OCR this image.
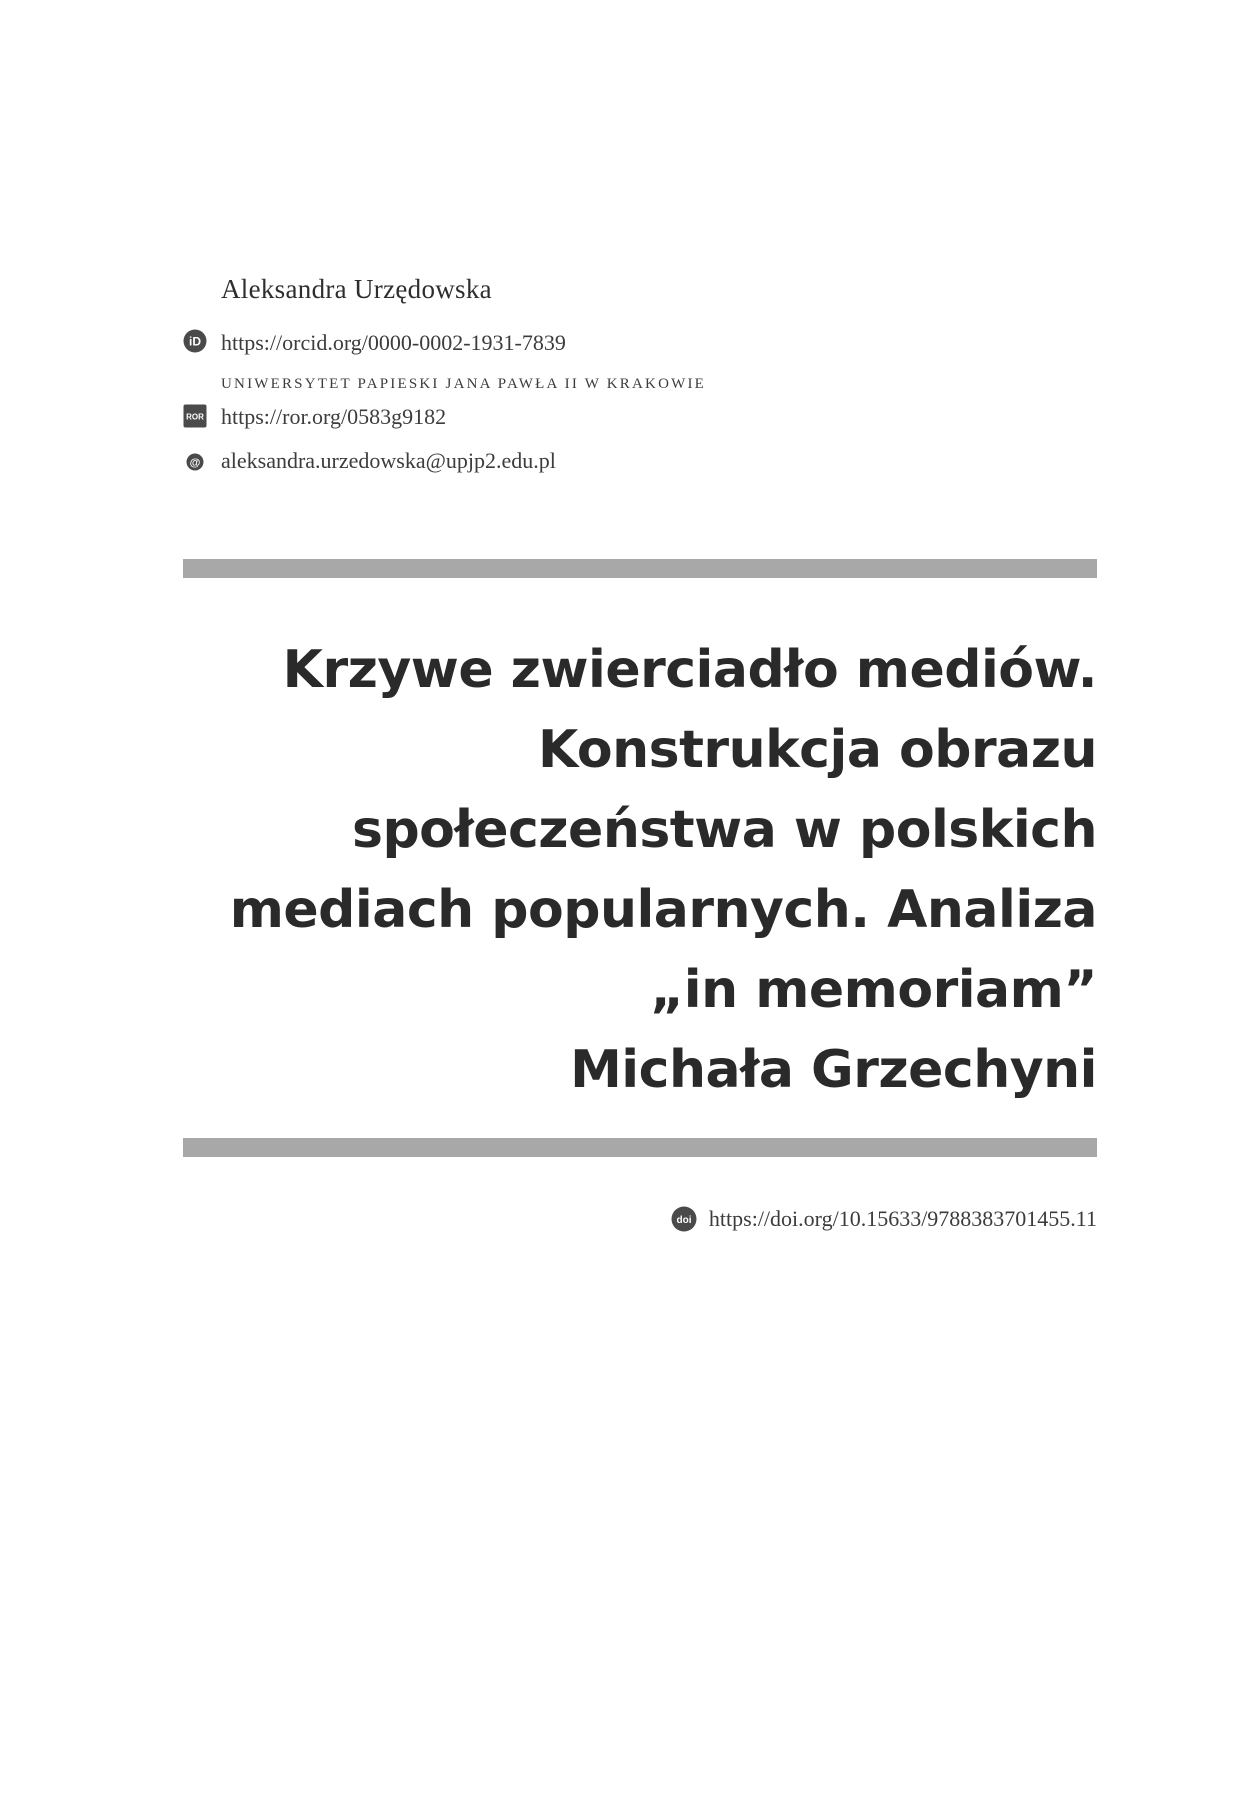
Aleksandra Urzędowska
iD https://orcid.org/0000-0002-1931-7839
UNIWERSYTET PAPIESKI JANA PAWŁA II W KRAKOWIE
ROR https://ror.org/0583g9182
@ aleksandra.urzedowska@upjp2.edu.pl
Krzywe zwierciadło mediów.
Konstrukcja obrazu
społeczeństwa w polskich
mediach popularnych. Analiza
„in memoriam”
Michała Grzechyni
doi https://doi.org/10.15633/9788383701455.11
